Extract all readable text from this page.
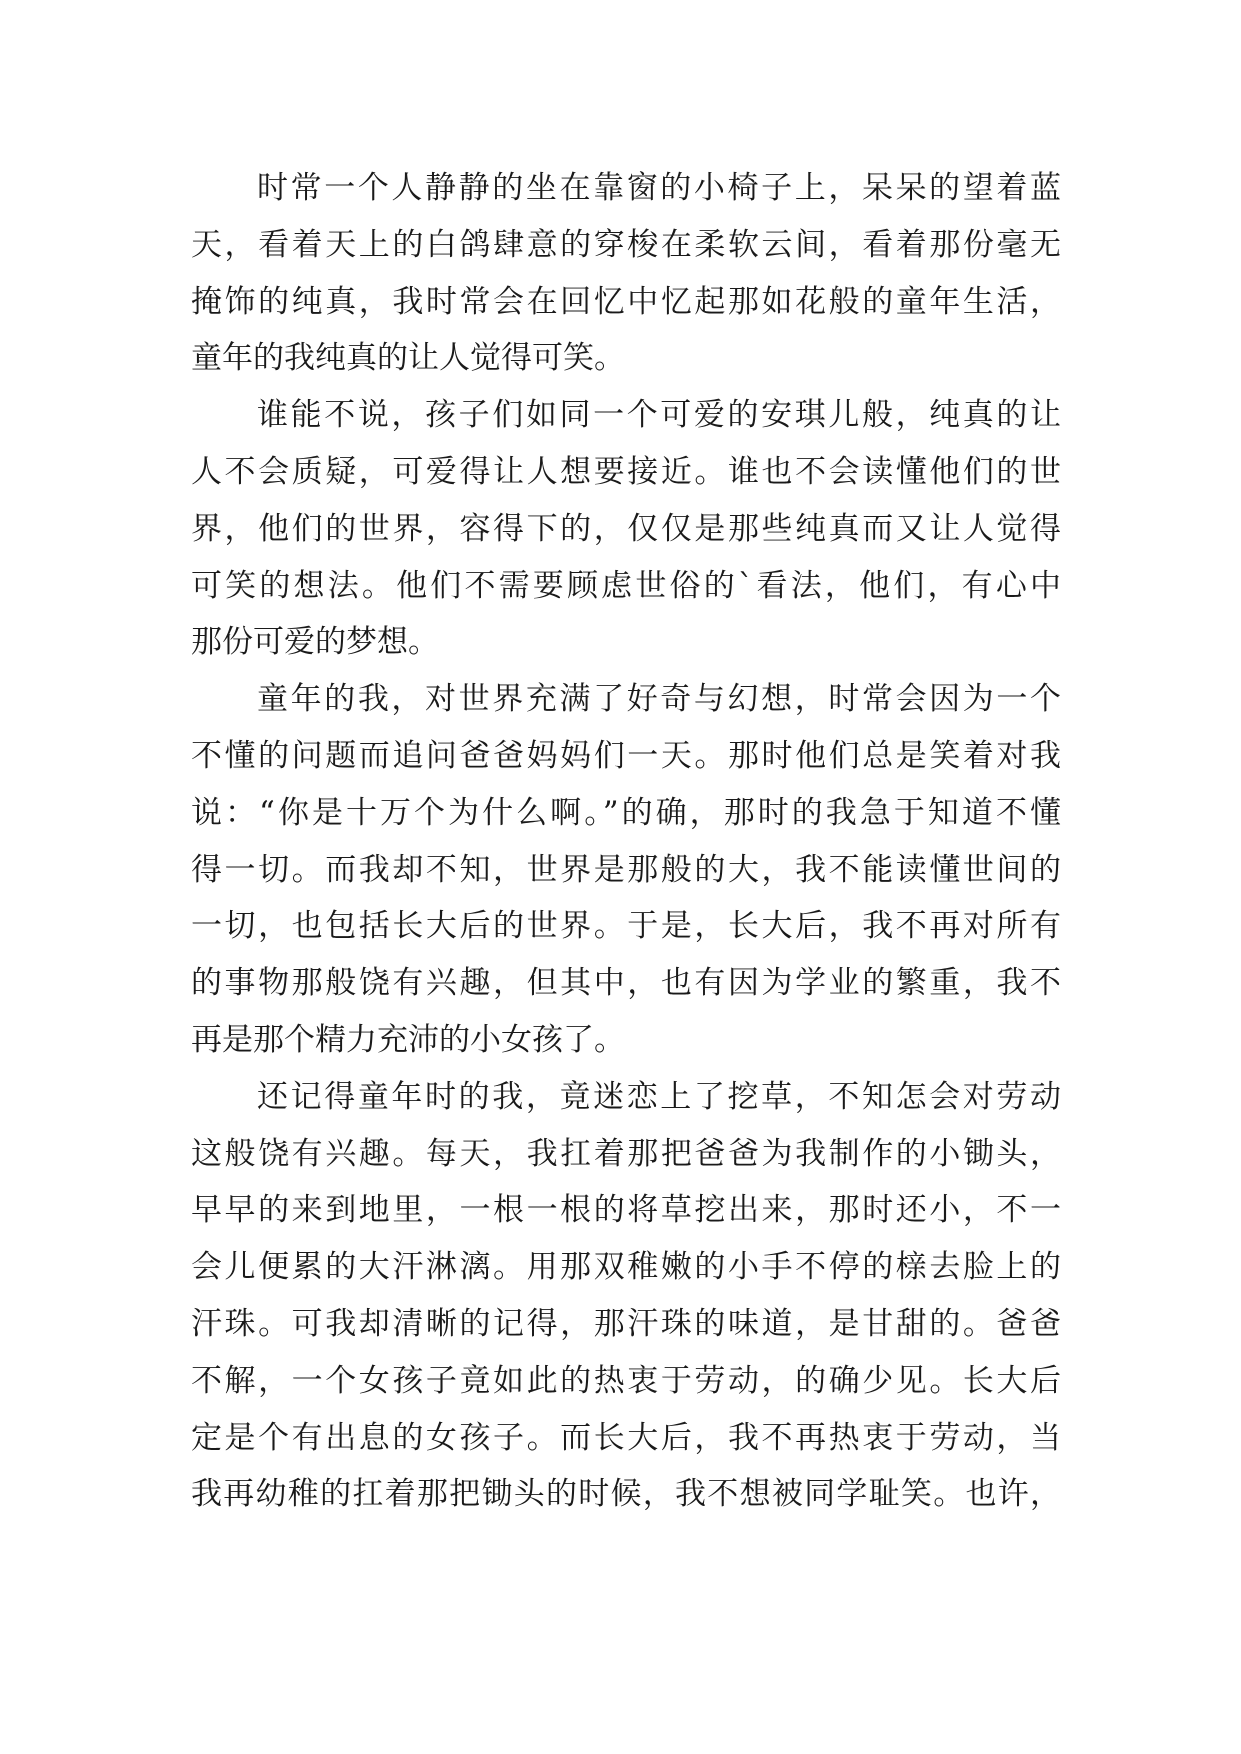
时常一个人静静的坐在靠窗的小椅子上，呆呆的望着蓝
天，看着天上的白鸽肆意的穿梭在柔软云间，看着那份毫无
掩饰的纯真，我时常会在回忆中忆起那如花般的童年生活，
童年的我纯真的让人觉得可笑。
谁能不说，孩子们如同一个可爱的安琪儿般，纯真的让
人不会质疑，可爱得让人想要接近。谁也不会读懂他们的世
界，他们的世界，容得下的，仅仅是那些纯真而又让人觉得
可笑的想法。他们不需要顾虑世俗的`看法，他们，有心中
那份可爱的梦想。
童年的我，对世界充满了好奇与幻想，时常会因为一个
不懂的问题而追问爸爸妈妈们一天。那时他们总是笑着对我
说：“你是十万个为什么啊。”的确，那时的我急于知道不懂
得一切。而我却不知，世界是那般的大，我不能读懂世间的
一切，也包括长大后的世界。于是，长大后，我不再对所有
的事物那般饶有兴趣，但其中，也有因为学业的繁重，我不
再是那个精力充沛的小女孩了。
还记得童年时的我，竟迷恋上了挖草，不知怎会对劳动
这般饶有兴趣。每天，我扛着那把爸爸为我制作的小锄头，
早早的来到地里，一根一根的将草挖出来，那时还小，不一
会儿便累的大汗淋漓。用那双稚嫩的小手不停的榇去脸上的
汗珠。可我却清晰的记得，那汗珠的味道，是甘甜的。爸爸
不解，一个女孩子竟如此的热衷于劳动，的确少见。长大后
定是个有出息的女孩子。而长大后，我不再热衷于劳动，当
我再幼稚的扛着那把锄头的时候，我不想被同学耻笑。也许，
